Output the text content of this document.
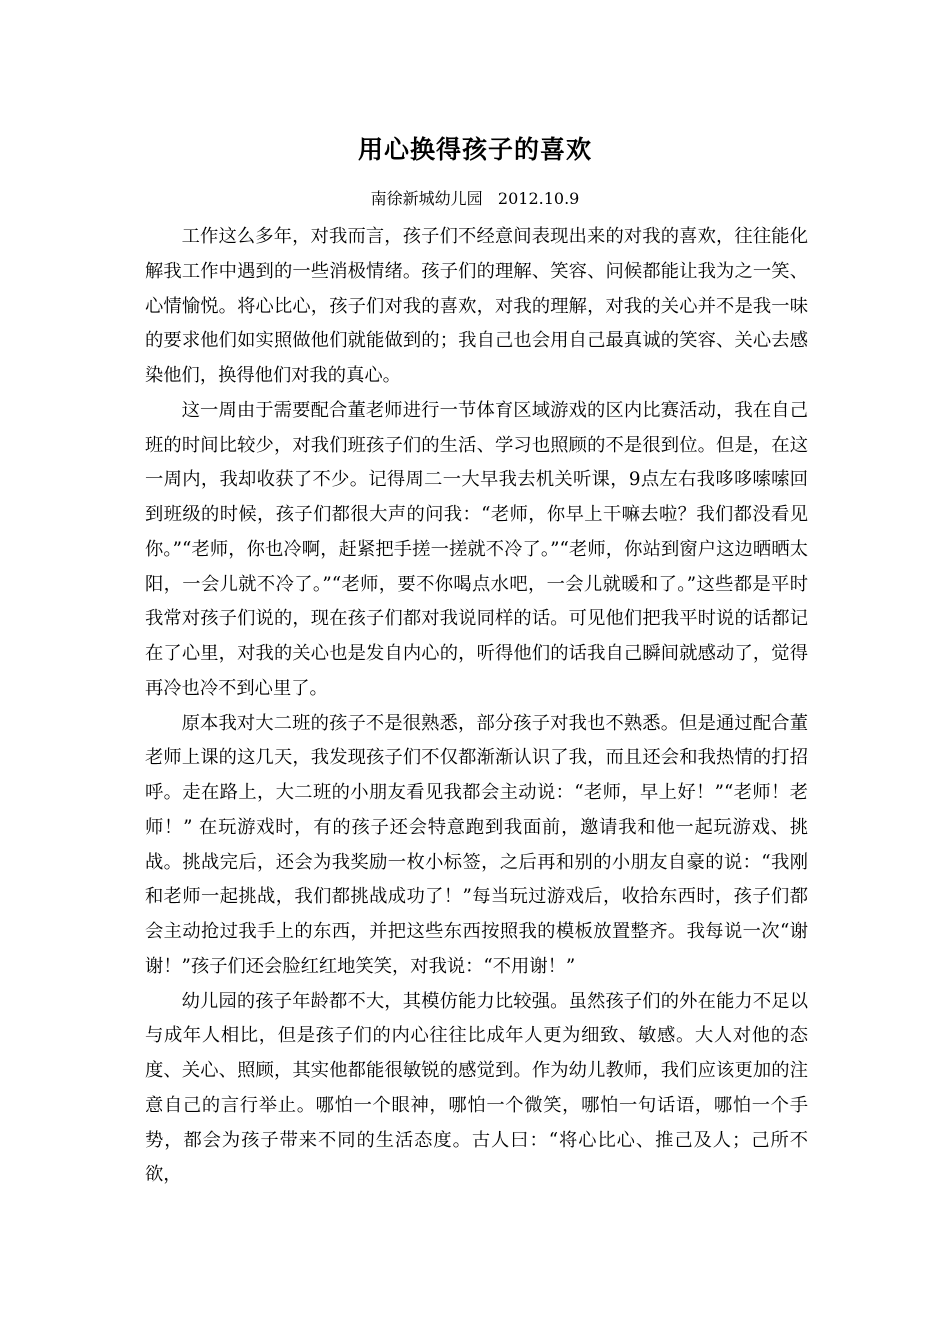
用心换得孩子的喜欢
南徐新城幼儿园   2012.10.9

工作这么多年，对我而言，孩子们不经意间表现出来的对我的喜欢，往往能化解我工作中遇到的一些消极情绪。孩子们的理解、笑容、问候都能让我为之一笑、心情愉悦。将心比心，孩子们对我的喜欢，对我的理解，对我的关心并不是我一味的要求他们如实照做他们就能做到的；我自己也会用自己最真诚的笑容、关心去感染他们，换得他们对我的真心。

这一周由于需要配合董老师进行一节体育区域游戏的区内比赛活动，我在自己班的时间比较少，对我们班孩子们的生活、学习也照顾的不是很到位。但是，在这一周内，我却收获了不少。记得周二一大早我去机关听课，9点左右我哆哆嗦嗦回到班级的时候，孩子们都很大声的问我：“老师，你早上干嘛去啦？我们都没看见你。”“老师，你也冷啊，赶紧把手搓一搓就不冷了。”“老师，你站到窗户这边晒晒太阳，一会儿就不冷了。”“老师，要不你喝点水吧，一会儿就暖和了。”这些都是平时我常对孩子们说的，现在孩子们都对我说同样的话。可见他们把我平时说的话都记在了心里，对我的关心也是发自内心的，听得他们的话我自己瞬间就感动了，觉得再冷也冷不到心里了。

原本我对大二班的孩子不是很熟悉，部分孩子对我也不熟悉。但是通过配合董老师上课的这几天，我发现孩子们不仅都渐渐认识了我，而且还会和我热情的打招呼。走在路上，大二班的小朋友看见我都会主动说：“老师，早上好！”“老师！老师！” 在玩游戏时，有的孩子还会特意跑到我面前，邀请我和他一起玩游戏、挑战。挑战完后，还会为我奖励一枚小标签，之后再和别的小朋友自豪的说：“我刚和老师一起挑战，我们都挑战成功了！”每当玩过游戏后，收拾东西时，孩子们都会主动抢过我手上的东西，并把这些东西按照我的模板放置整齐。我每说一次“谢谢！”孩子们还会脸红红地笑笑，对我说：“不用谢！”

幼儿园的孩子年龄都不大，其模仿能力比较强。虽然孩子们的外在能力不足以与成年人相比，但是孩子们的内心往往比成年人更为细致、敏感。大人对他的态度、关心、照顾，其实他都能很敏锐的感觉到。作为幼儿教师，我们应该更加的注意自己的言行举止。哪怕一个眼神，哪怕一个微笑，哪怕一句话语，哪怕一个手势，都会为孩子带来不同的生活态度。古人曰：“将心比心、推己及人；己所不欲，
